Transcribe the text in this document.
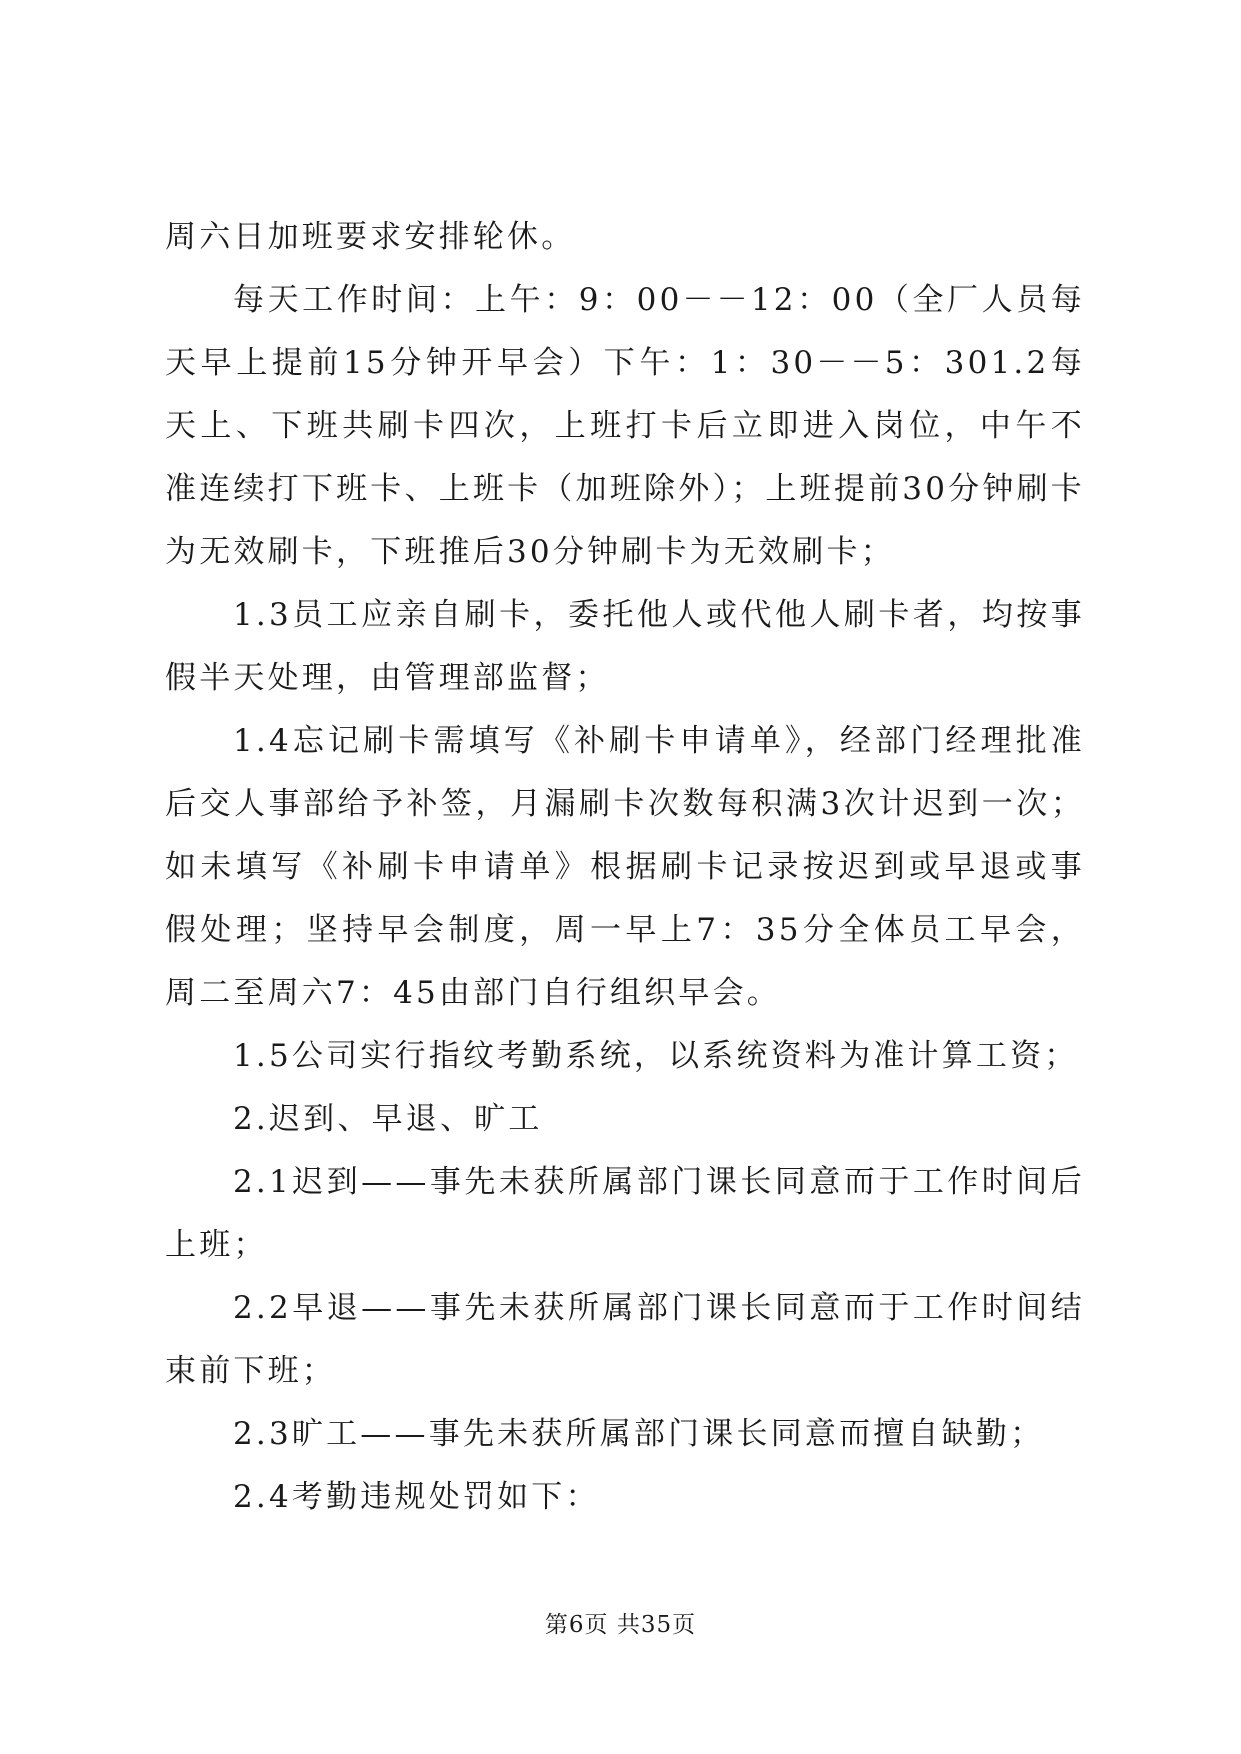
周六日加班要求安排轮休。

每天工作时间：上午：9：00－－12：00（全厂人员每天早上提前15分钟开早会）下午：1：30－－5：301.2每天上、下班共刷卡四次，上班打卡后立即进入岗位，中午不准连续打下班卡、上班卡（加班除外）；上班提前30分钟刷卡为无效刷卡，下班推后30分钟刷卡为无效刷卡；

1.3员工应亲自刷卡，委托他人或代他人刷卡者，均按事假半天处理，由管理部监督；

1.4忘记刷卡需填写《补刷卡申请单》，经部门经理批准后交人事部给予补签，月漏刷卡次数每积满3次计迟到一次；如未填写《补刷卡申请单》根据刷卡记录按迟到或早退或事假处理；坚持早会制度，周一早上7：35分全体员工早会，周二至周六7：45由部门自行组织早会。

1.5公司实行指纹考勤系统，以系统资料为准计算工资；

2.迟到、早退、旷工

2.1迟到——事先未获所属部门课长同意而于工作时间后上班；

2.2早退——事先未获所属部门课长同意而于工作时间结束前下班；

2.3旷工——事先未获所属部门课长同意而擅自缺勤；

2.4考勤违规处罚如下：

第6页 共35页
